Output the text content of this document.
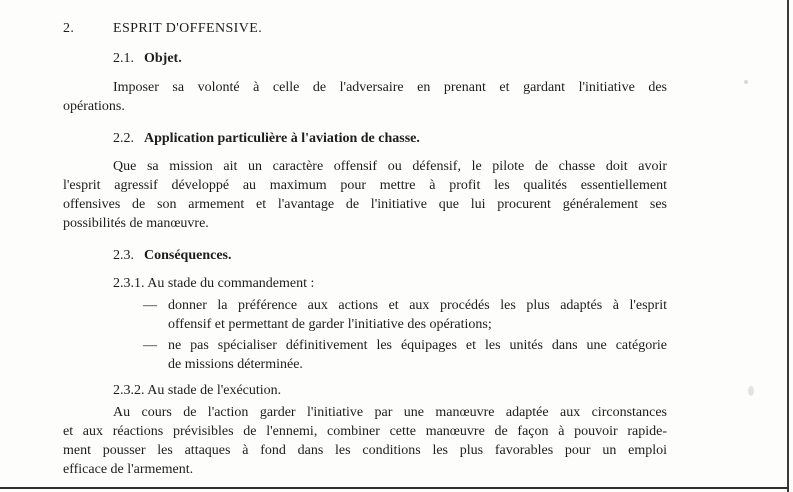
2.	ESPRIT D'OFFENSIVE.
2.1. Objet.
Imposer sa volonté à celle de l'adversaire en prenant et gardant l'initiative des
opérations.
2.2. Application particulière à l'aviation de chasse.
Que sa mission ait un caractère offensif ou défensif, le pilote de chasse doit avoir
l'esprit agressif développé au maximum pour mettre à profit les qualités essentiellement
offensives de son armement et l'avantage de l'initiative que lui procurent généralement ses
possibilités de manœuvre.
2.3. Conséquences.
2.3.1. Au stade du commandement :
— donner la préférence aux actions et aux procédés les plus adaptés à l'esprit
offensif et permettant de garder l'initiative des opérations;
— ne pas spécialiser définitivement les équipages et les unités dans une catégorie
de missions déterminée.
2.3.2. Au stade de l'exécution.
Au cours de l'action garder l'initiative par une manœuvre adaptée aux circonstances
et aux réactions prévisibles de l'ennemi, combiner cette manœuvre de façon à pouvoir rapide-
ment pousser les attaques à fond dans les conditions les plus favorables pour un emploi
efficace de l'armement.
